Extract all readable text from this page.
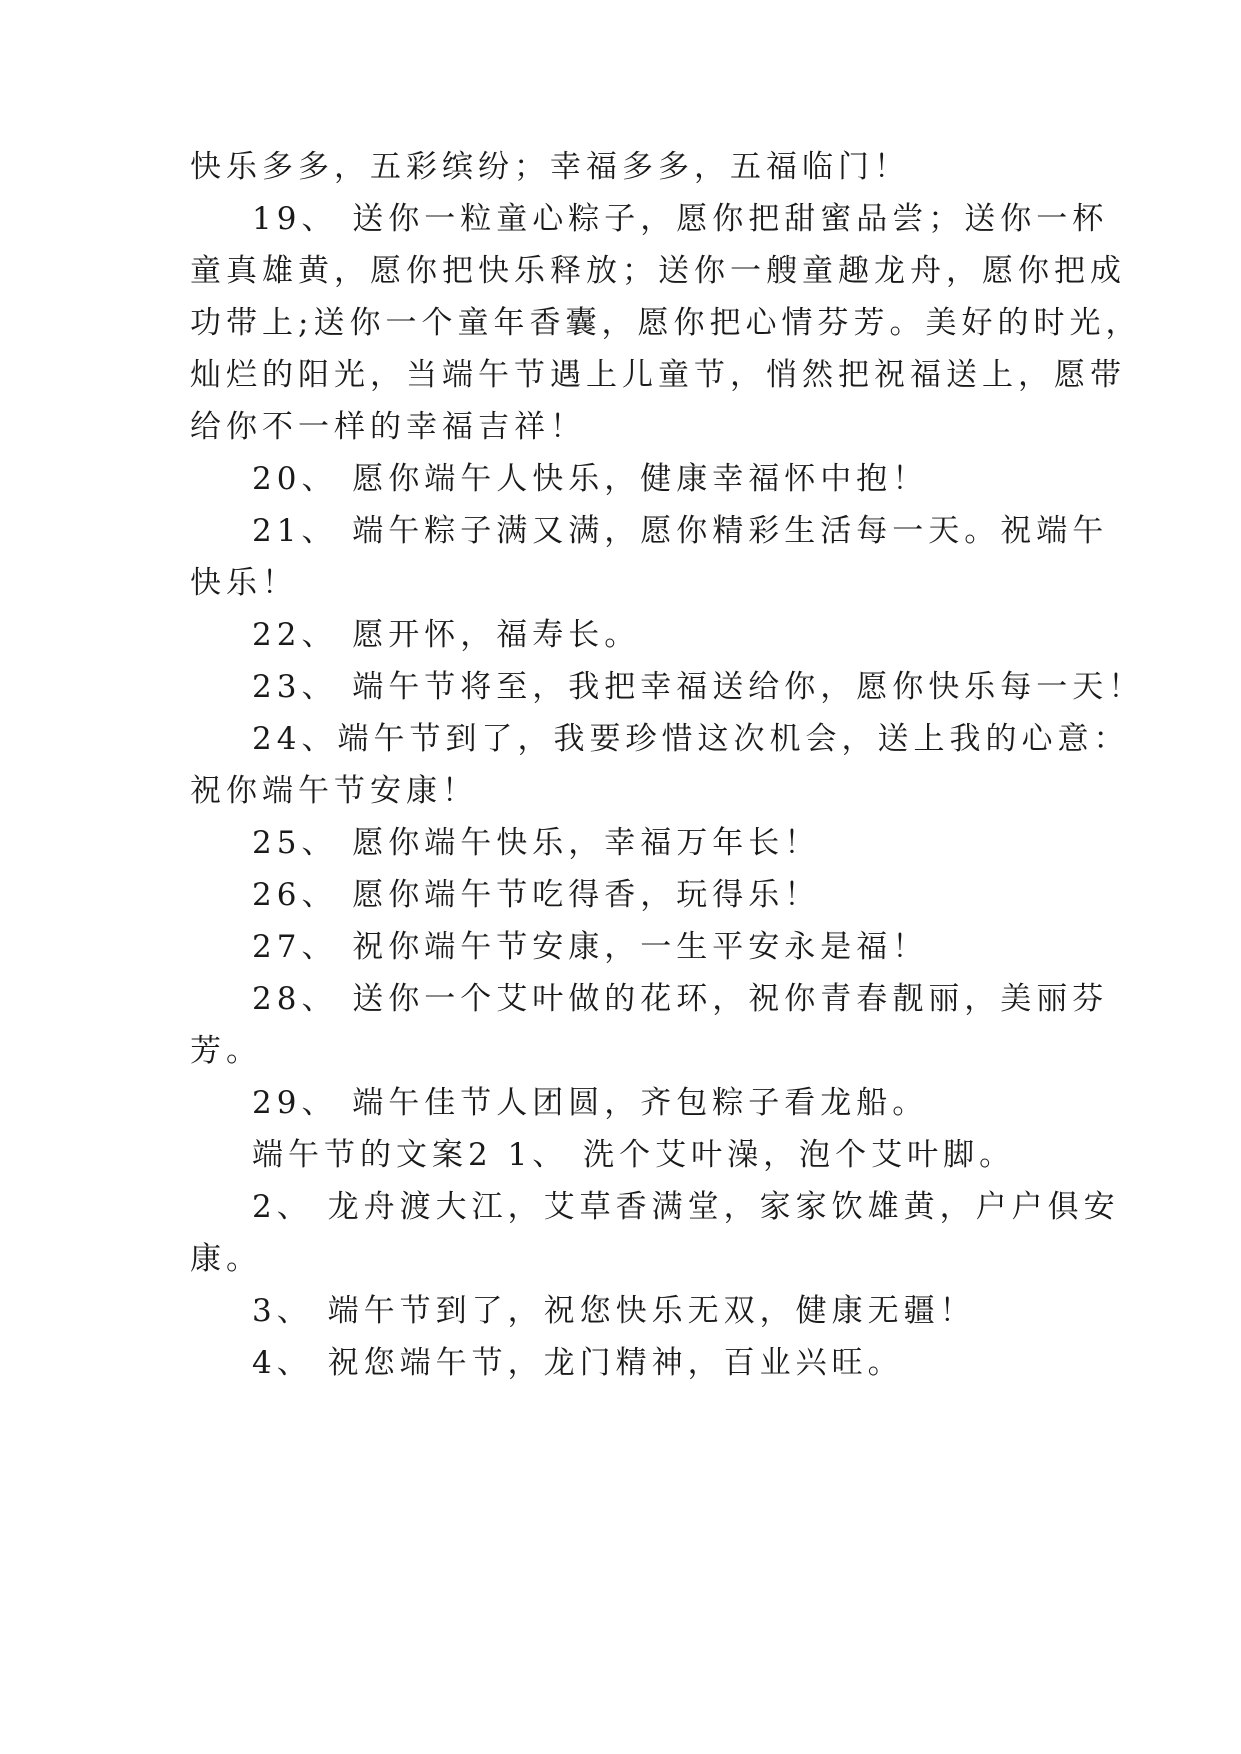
快乐多多，五彩缤纷；幸福多多，五福临门！
19、 送你一粒童心粽子，愿你把甜蜜品尝；送你一杯
童真雄黄，愿你把快乐释放；送你一艘童趣龙舟，愿你把成
功带上;送你一个童年香囊，愿你把心情芬芳。美好的时光，
灿烂的阳光，当端午节遇上儿童节，悄然把祝福送上，愿带
给你不一样的幸福吉祥！
20、 愿你端午人快乐，健康幸福怀中抱！
21、 端午粽子满又满，愿你精彩生活每一天。祝端午
快乐！
22、 愿开怀，福寿长。
23、 端午节将至，我把幸福送给你，愿你快乐每一天！
24、端午节到了，我要珍惜这次机会，送上我的心意：
祝你端午节安康！
25、 愿你端午快乐，幸福万年长！
26、 愿你端午节吃得香，玩得乐！
27、 祝你端午节安康，一生平安永是福！
28、 送你一个艾叶做的花环，祝你青春靓丽，美丽芬
芳。
29、 端午佳节人团圆，齐包粽子看龙船。
端午节的文案2 1、 洗个艾叶澡，泡个艾叶脚。
2、 龙舟渡大江，艾草香满堂，家家饮雄黄，户户俱安
康。
3、 端午节到了，祝您快乐无双，健康无疆！
4、 祝您端午节，龙门精神，百业兴旺。
